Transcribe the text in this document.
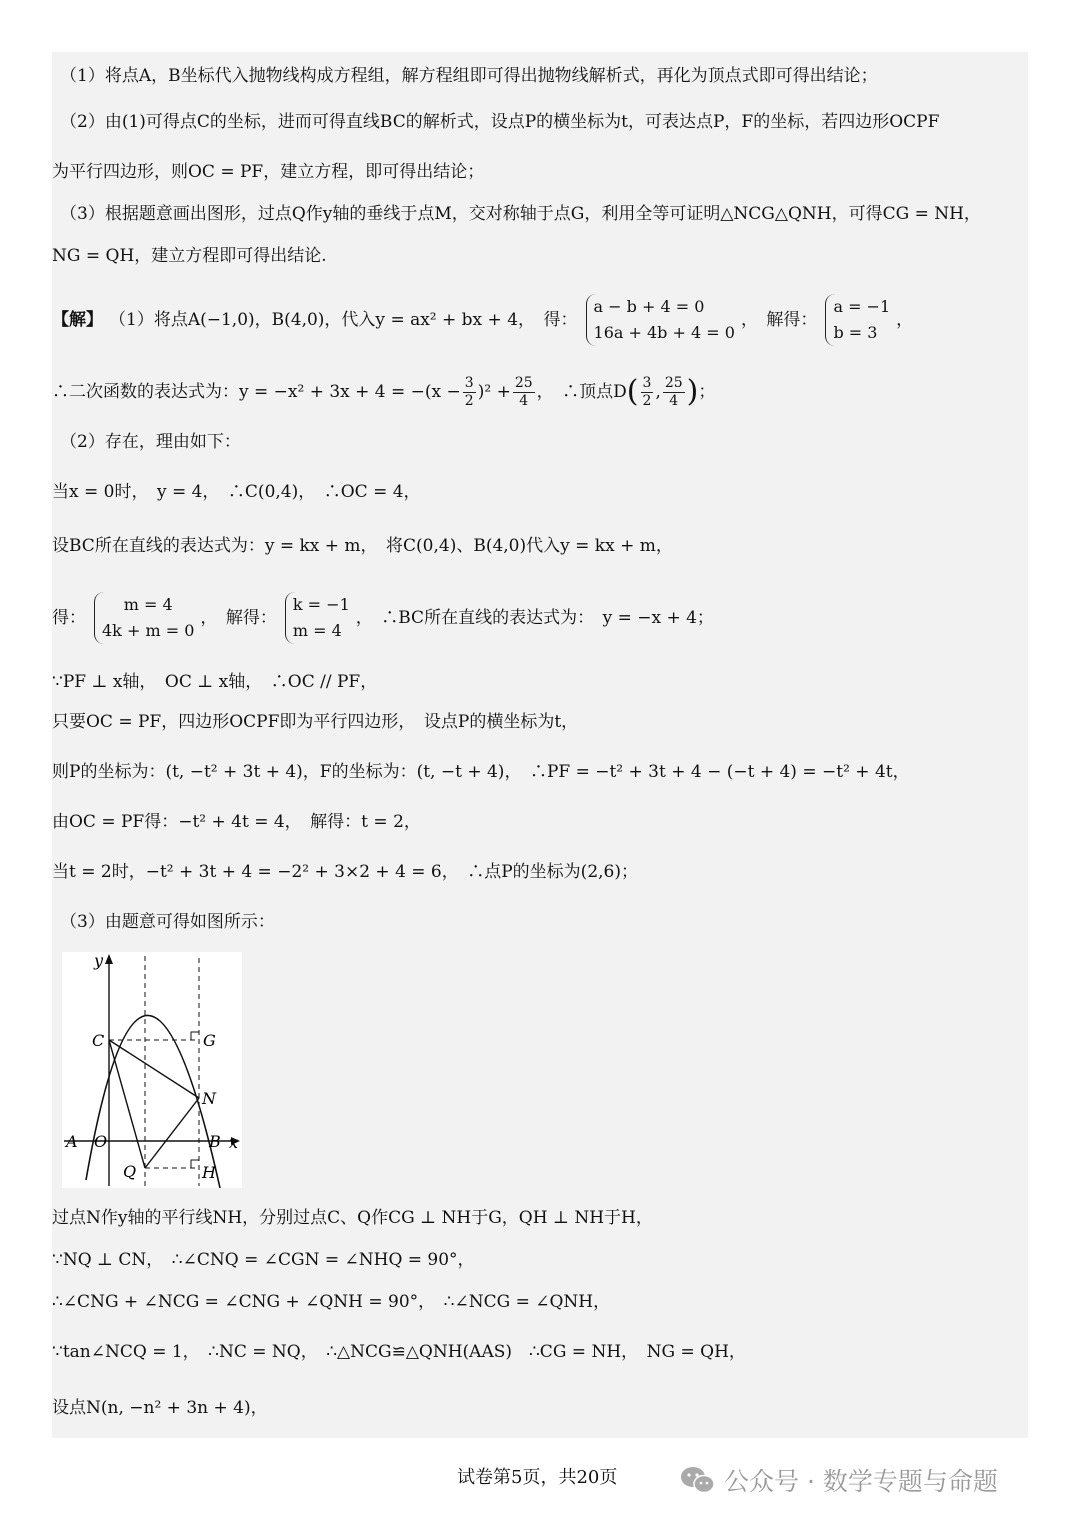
（1）将点A，B坐标代入抛物线构成方程组，解方程组即可得出抛物线解析式，再化为顶点式即可得出结论；

（2）由(1)可得点C的坐标，进而可得直线BC的解析式，设点P的横坐标为t，可表达点P，F的坐标，若四边形OCPF

为平行四边形，则OC = PF，建立方程，即可得出结论；

（3）根据题意画出图形，过点Q作y轴的垂线于点M，交对称轴于点G，利用全等可证明△NCG△QNH，可得CG = NH，

NG = QH，建立方程即可得出结论.

【解】 （1）将点A(−1,0)，B(4,0)，代入y = ax² + bx + 4，　得：
a − b + 4 = 0
16a + 4b + 4 = 0
，　解得：
a = −1
b = 3
，
∴二次函数的表达式为：$y = -x^2 + 3x + 4 = -(x - \frac{3}{2} )^2 + \frac{25}{4}$ ，　∴顶点D ( $\frac{3}{2}$ , $\frac{25}{4}$ ) ；

（2）存在，理由如下：

当x = 0时，　y = 4，　∴C(0,4)，　∴OC = 4，

设BC所在直线的表达式为：y = kx + m，　将C(0,4)、B(4,0)代入y = kx + m，

得：
m = 4
4k + m = 0
，　解得：
k = −1
m = 4
，　∴BC所在直线的表达式为：　y = −x + 4；

∵PF ⊥ x轴，　OC ⊥ x轴，　∴OC // PF，

只要OC = PF，四边形OCPF即为平行四边形，　设点P的横坐标为t，

则P的坐标为：(t, −t² + 3t + 4)，F的坐标为：(t, −t + 4)，　∴PF = −t² + 3t + 4 − (−t + 4) = −t² + 4t，

由OC = PF得：−t² + 4t = 4，　解得：t = 2，

当t = 2时，−t² + 3t + 4 = −2² + 3×2 + 4 = 6，　∴点P的坐标为(2,6)；

（3）由题意可得如图所示：

过点N作y轴的平行线NH，分别过点C、Q作CG ⊥ NH于G，QH ⊥ NH于H，

∵NQ ⊥ CN，　∴∠CNQ = ∠CGN = ∠NHQ = 90°，

∴∠CNG + ∠NCG = ∠CNG + ∠QNH = 90°，　∴∠NCG = ∠QNH，

∵tan∠NCQ = 1，　∴NC = NQ，　∴△NCG≌△QNH(AAS)　∴CG = NH，　NG = QH，

设点N(n, −n² + 3n + 4)，

y
x
C	G
N
A O	B
Q	H
试卷第5页，共20页	公众号 · 数学专题与命题
